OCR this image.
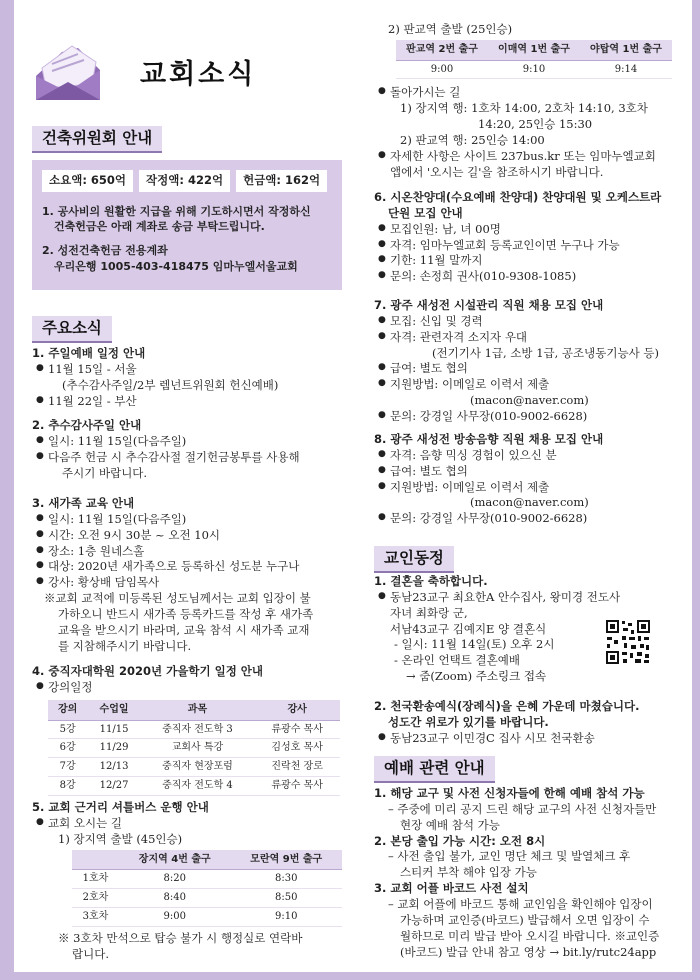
교회소식
건축위원회 안내
소요액: 650억	작정액: 422억	헌금액: 162억

1. 공사비의 원활한 지급을 위해 기도하시면서 작정하신

건축헌금은 아래 계좌로 송금 부탁드립니다.

2. 성전건축헌금 전용계좌

우리은행 1005-403-418475 임마누엘서울교회

주요소식
1. 주일예배 일정 안내
● 11월 15일 - 서울
(추수감사주일/2부 렘넌트위원회 헌신예배)
● 11월 22일 - 부산
2. 추수감사주일 안내
● 일시: 11월 15일(다음주일)
● 다음주 헌금 시 추수감사절 절기헌금봉투를 사용해
주시기 바랍니다.
3. 새가족 교육 안내
● 일시: 11월 15일(다음주일)
● 시간: 오전 9시 30분 ~ 오전 10시
● 장소: 1층 원네스홀
● 대상: 2020년 새가족으로 등록하신 성도분 누구나
● 강사: 황상배 담임목사
※교회 교적에 미등록된 성도님께서는 교회 입장이 불
가하오니 반드시 새가족 등록카드를 작성 후 새가족
교육을 받으시기 바라며, 교육 참석 시 새가족 교재
를 지참해주시기 바랍니다.
4. 중직자대학원 2020년 가을학기 일정 안내
● 강의일정
강의	수업일	과목	강사
5강	11/15	중직자 전도학 3	류광수 목사
6강	11/29	교회사 특강	김성호 목사
7강	12/13	중직자 현장포럼	진락천 장로
8강	12/27	중직자 전도학 4	류광수 목사
5. 교회 근거리 셔틀버스 운행 안내
● 교회 오시는 길
1) 장지역 출발 (45인승)
	장지역 4번 출구	모란역 9번 출구
1호차	8:20	8:30
2호차	8:40	8:50
3호차	9:00	9:10
※ 3호차 만석으로 탑승 불가 시 행정실로 연락바
랍니다.
2) 판교역 출발 (25인승)
판교역 2번 출구	이매역 1번 출구	야탑역 1번 출구
9:00	9:10	9:14
● 돌아가시는 길
1) 장지역 행: 1호차 14:00, 2호차 14:10, 3호차
14:20, 25인승 15:30
2) 판교역 행: 25인승 14:00
● 자세한 사항은 사이트 237bus.kr 또는 임마누엘교회
앱에서 '오시는 길'을 참조하시기 바랍니다.
6. 시온찬양대(수요예배 찬양대) 찬양대원 및 오케스트라
단원 모집 안내
● 모집인원: 남, 녀 00명
● 자격: 임마누엘교회 등록교인이면 누구나 가능
● 기한: 11월 말까지
● 문의: 손정희 권사(010-9308-1085)
7. 광주 새성전 시설관리 직원 채용 모집 안내
● 모집: 신입 및 경력
● 자격: 관련자격 소지자 우대
(전기기사 1급, 소방 1급, 공조냉동기능사 등)
● 급여: 별도 협의
● 지원방법: 이메일로 이력서 제출
(macon@naver.com)
● 문의: 강경일 사무장(010-9002-6628)
8. 광주 새성전 방송음향 직원 채용 모집 안내
● 자격: 음향 믹싱 경험이 있으신 분
● 급여: 별도 협의
● 지원방법: 이메일로 이력서 제출
(macon@naver.com)
● 문의: 강경일 사무장(010-9002-6628)
교인동정
1. 결혼을 축하합니다.
● 동남23교구 최요한A 안수집사, 왕미경 전도사
자녀 최화랑 군,
서남43교구 김예지E 양 결혼식
- 일시: 11월 14일(토) 오후 2시
- 온라인 언택트 결혼예배
→ 줌(Zoom) 주소링크 접속
2. 천국환송예식(장례식)을 은혜 가운데 마쳤습니다.
성도간 위로가 있기를 바랍니다.
● 동남23교구 이민경C 집사 시모 천국환송
예배 관련 안내
1. 해당 교구 및 사전 신청자들에 한해 예배 참석 가능
– 주중에 미리 공지 드린 해당 교구의 사전 신청자들만
현장 예배 참석 가능
2. 본당 출입 가능 시간: 오전 8시
– 사전 출입 불가, 교인 명단 체크 및 발열체크 후
스티커 부착 해야 입장 가능
3. 교회 어플 바코드 사전 설치
– 교회 어플에 바코드 통해 교인임을 확인해야 입장이
가능하며 교인증(바코드) 발급해서 오면 입장이 수
월하므로 미리 발급 받아 오시길 바랍니다. ※교인증
(바코드) 발급 안내 참고 영상 → bit.ly/rutc24app
